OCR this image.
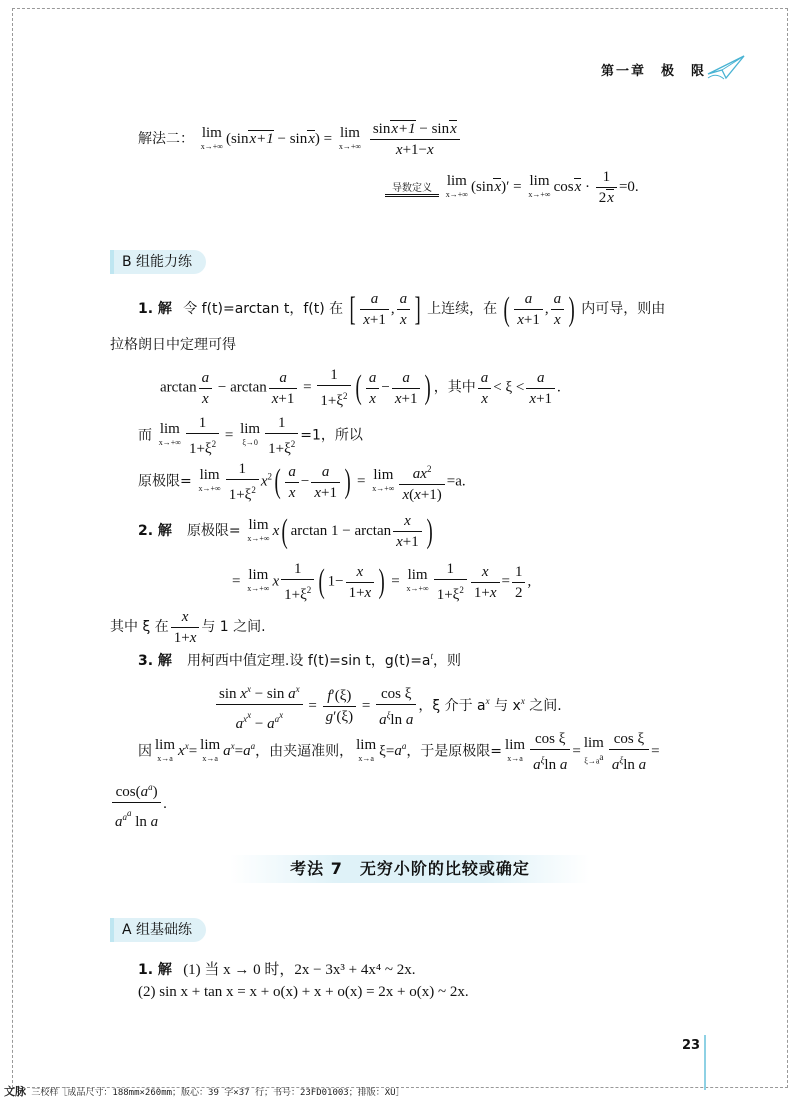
第一章　极　限
解法二： lim
x→+∞ (sinx+1 − sinx) = lim
x→+∞
$\frac{\sin x+1 - \sin x}{x+1-x}$
导数定义 lim
x→+∞ (sinx)′ = lim
x→+∞ $\cos x \cdot \frac{1}{2x} =0$.
B 组能力练
1. 解 令 f(t)=arctan t，f(t) 在 [ $\frac{a}{x+1}$ , $\frac{a}{x}$ ] 上连续，在 ( $\frac{a}{x+1}$ , $\frac{a}{x}$ ) 内可导，则由
拉格朗日中定理可得
$\arctan \frac{a}{x} - \arctan \frac{a}{x+1} = \frac{1}{1+\xi^2}$ ( $\frac{a}{x} - \frac{a}{x+1}$ ) ，其中 $\frac{a}{x} < \xi < \frac{a}{x+1}$ .
而 lim
$x\to+\infty \frac{1}{1+\xi^2} = \lim$
$\xi\to 0 \frac{1}{1+\xi^2} =1$，所以
原极限= lim
$x\to+\infty \frac{1}{1+\xi^2} x^2( \frac{a}{x} - \frac{a}{x+1}$ ) = lim
$x\to+\infty \frac{ax^2}{x(x+1)} =a$.
2. 解 原极限= lim
x→+∞ x( $\arctan 1 - \arctan \frac{x}{x+1}$ )
= lim
x→+∞ x $\frac{1}{1+\xi^2}$ ( $1- \frac{x}{1+x}$ ) = lim
$x\to+\infty \frac{1}{1+\xi^2} \frac{x}{1+x} = \frac{1}{2}$ ,
其中 ξ 在 $\frac{x}{1+x}$ 与 1 之间.
3. 解 用柯西中值定理.设 f(t)=sin t，$g(t)=a^t$，则
$\frac{\sin x^x - \sin a^x}{a^{x^x} - a^{a^x}} = \frac{f'(\xi)}{g'(\xi)} = \frac{\text{cos ξ}}{a^\xi\ln a}$ ，ξ 介于 $a^x$ 与 $x^x$ 之间.
因 lim
x→a $x^x= \lim$
x→a $a^x=a^a$，由夹逼准则， lim
x→a $\xi=a^a$，于是原极限= lim
$x\to a \frac{\text{cos ξ}}{a^\xi\ln a} =\lim$
$\xi\to a^a \frac{\text{cos ξ}}{a^\xi\ln a}$ =
$\frac{\cos(a^a)}{a^{a^a} \ln a}$ .
考法 7　无穷小阶的比较或确定
A 组基础练
1. 解 (1) 当 x → 0 时，2x − 3x³ + 4x⁴ ~ 2x.
(2) sin x + tan x = x + o(x) + x + o(x) = 2x + o(x) ~ 2x.
23
文脉 三校样［成品尺寸：188mm×260mm；版心：39 字×37 行；书号：23FD01003；排版：XU］
